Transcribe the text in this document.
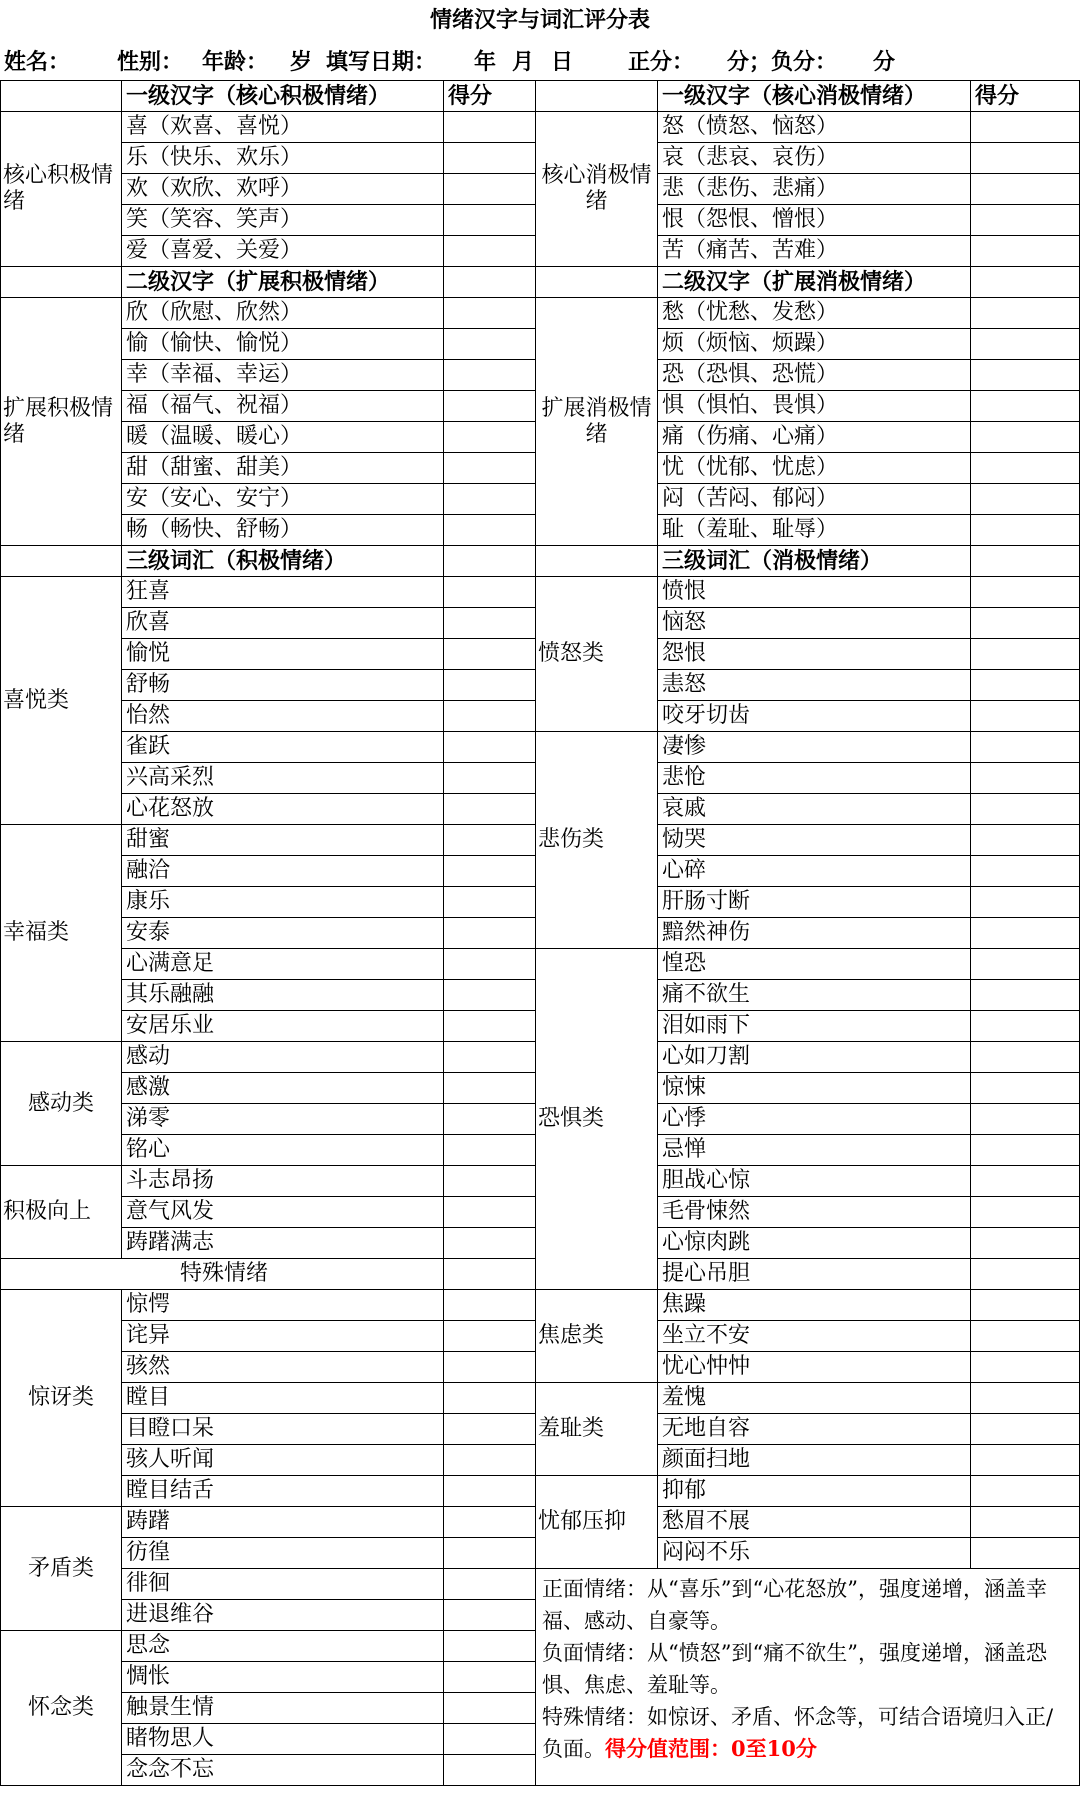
情绪汉字与词汇评分表
姓名： 性别： 年龄： 岁 填写日期： 年 月 日 正分： 分；负分： 分
	一级汉字（核心积极情绪）	得分		一级汉字（核心消极情绪）	得分
核心积极情绪	喜（欢喜、喜悦）		核心消极情绪	怒（愤怒、恼怒）	
	乐（快乐、欢乐）			哀（悲哀、哀伤）	
	欢（欢欣、欢呼）			悲（悲伤、悲痛）	
	笑（笑容、笑声）			恨（怨恨、憎恨）	
	爱（喜爱、关爱）			苦（痛苦、苦难）	
	二级汉字（扩展积极情绪）			二级汉字（扩展消极情绪）	
扩展积极情绪	欣（欣慰、欣然）		扩展消极情绪	愁（忧愁、发愁）	
	愉（愉快、愉悦）			烦（烦恼、烦躁）	
	幸（幸福、幸运）			恐（恐惧、恐慌）	
	福（福气、祝福）			惧（惧怕、畏惧）	
	暖（温暖、暖心）			痛（伤痛、心痛）	
	甜（甜蜜、甜美）			忧（忧郁、忧虑）	
	安（安心、安宁）			闷（苦闷、郁闷）	
	畅（畅快、舒畅）			耻（羞耻、耻辱）	
	三级词汇（积极情绪）			三级词汇（消极情绪）	
喜悦类	狂喜		愤怒类	愤恨	
	欣喜			恼怒	
	愉悦			怨恨	
	舒畅			恚怒	
	怡然			咬牙切齿	
	雀跃		悲伤类	凄惨	
	兴高采烈			悲怆	
	心花怒放			哀戚	
幸福类	甜蜜			恸哭	
	融洽			心碎	
	康乐			肝肠寸断	
	安泰			黯然神伤	
	心满意足		恐惧类	惶恐	
	其乐融融			痛不欲生	
	安居乐业			泪如雨下	
感动类	感动			心如刀割	
	感激			惊悚	
	涕零			心悸	
	铭心			忌惮	
积极向上	斗志昂扬			胆战心惊	
	意气风发			毛骨悚然	
	踌躇满志			心惊肉跳	
特殊情绪				提心吊胆	
惊讶类	惊愕		焦虑类	焦躁	
	诧异			坐立不安	
	骇然			忧心忡忡	
	瞠目		羞耻类	羞愧	
	目瞪口呆			无地自容	
	骇人听闻			颜面扫地	
	瞠目结舌		忧郁压抑	抑郁	
矛盾类	踌躇			愁眉不展	
	彷徨			闷闷不乐	
	徘徊		正面情绪：从“喜乐”到“心花怒放”，强度递增，涵盖幸福、感动、自豪等。
负面情绪：从“愤怒”到“痛不欲生”，强度递增，涵盖恐惧、焦虑、羞耻等。
特殊情绪：如惊讶、矛盾、怀念等，可结合语境归入正/负面。得分值范围：0至10分		

	进退维谷				
怀念类	思念				
	惆怅				
	触景生情				
	睹物思人				
	念念不忘				
